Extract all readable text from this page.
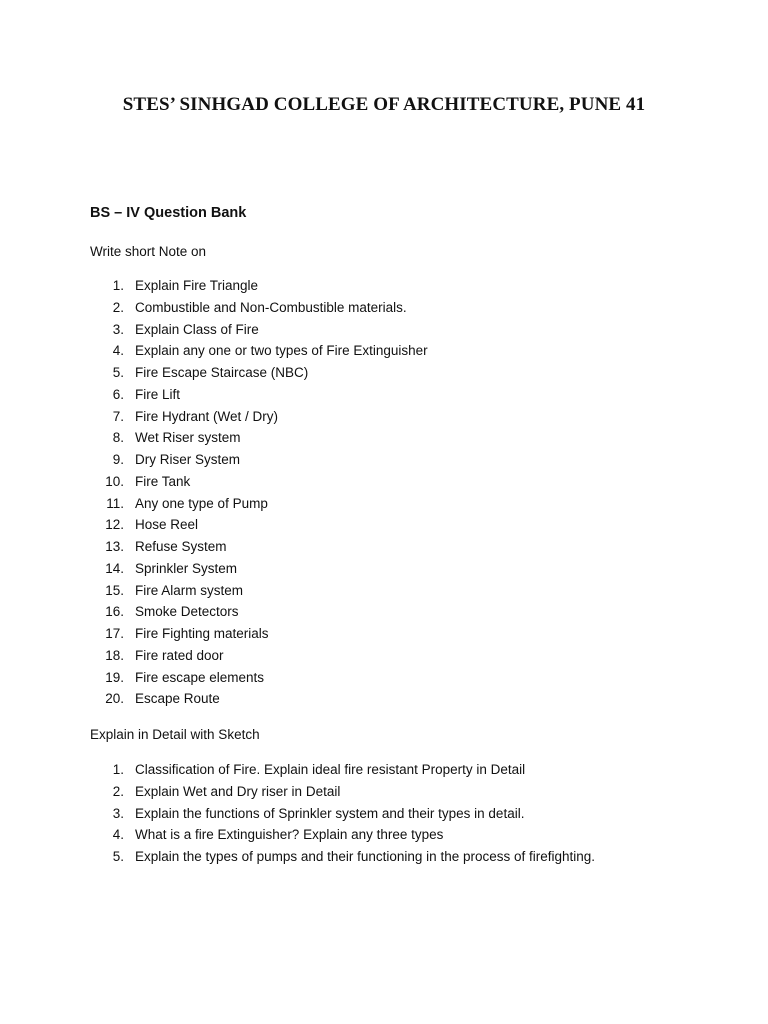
STES’ SINHGAD COLLEGE OF ARCHITECTURE, PUNE 41
BS – IV Question Bank
Write short Note on
1. Explain Fire Triangle
2. Combustible and Non-Combustible materials.
3. Explain Class of Fire
4. Explain any one or two types of Fire Extinguisher
5. Fire Escape Staircase (NBC)
6. Fire Lift
7. Fire Hydrant (Wet / Dry)
8. Wet Riser system
9. Dry Riser System
10. Fire Tank
11. Any one type of Pump
12. Hose Reel
13. Refuse System
14. Sprinkler System
15. Fire Alarm system
16. Smoke Detectors
17. Fire Fighting materials
18. Fire rated door
19. Fire escape elements
20. Escape Route
Explain in Detail with Sketch
1. Classification of Fire. Explain ideal fire resistant Property in Detail
2. Explain Wet and Dry riser in Detail
3. Explain the functions of Sprinkler system and their types in detail.
4. What is a fire Extinguisher? Explain any three types
5. Explain the types of pumps and their functioning in the process of firefighting.
